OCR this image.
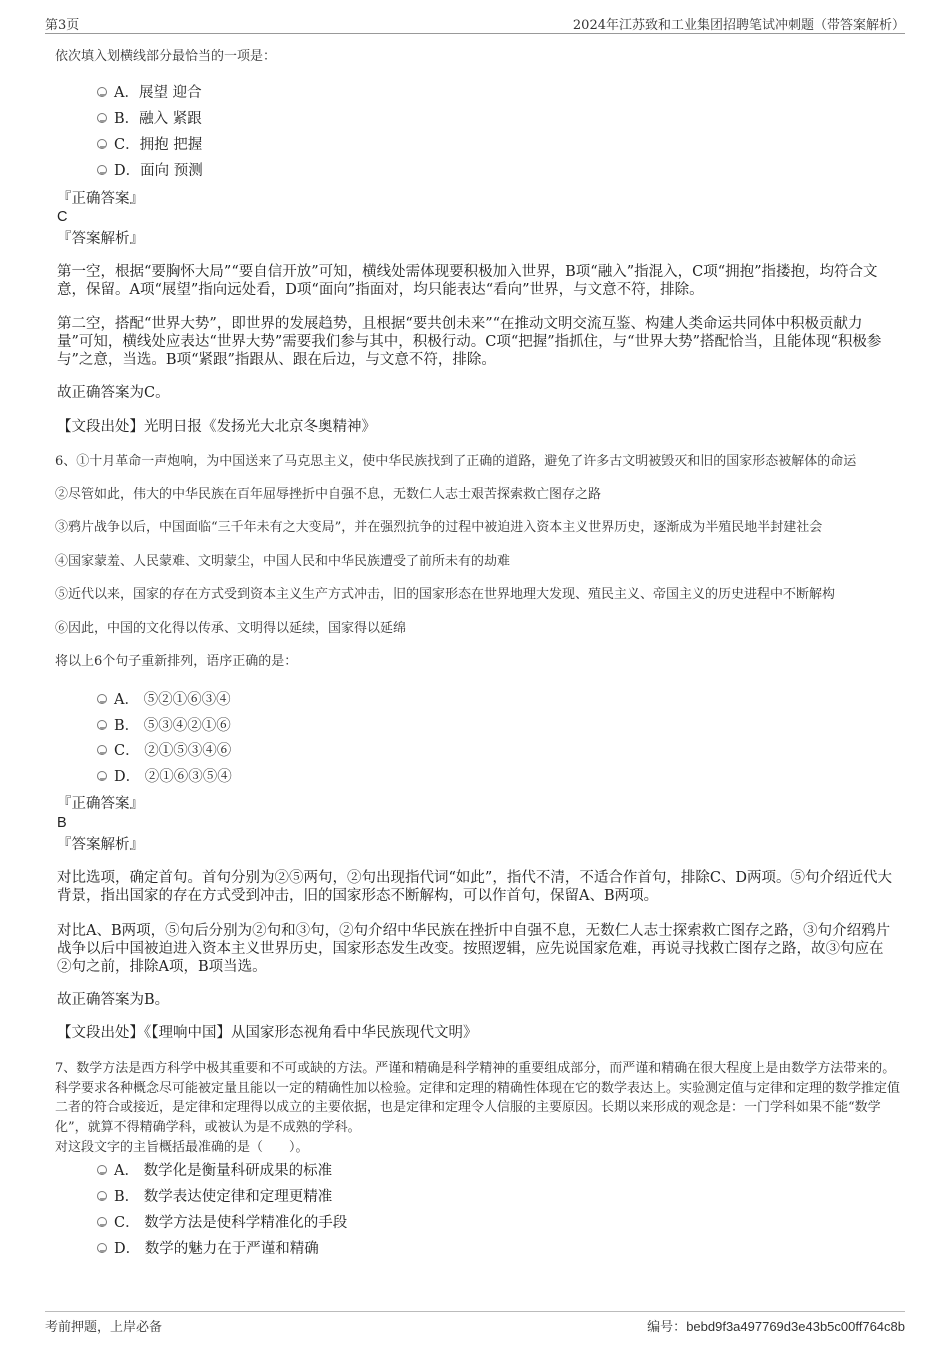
第3页	2024年江苏致和工业集团招聘笔试冲刺题（带答案解析）
依次填入划横线部分最恰当的一项是：
A．展望 迎合
B．融入 紧跟
C．拥抱 把握
D．面向 预测
『正确答案』
C
『答案解析』
第一空，根据“要胸怀大局”“要自信开放”可知，横线处需体现要积极加入世界，B项“融入”指混入，C项“拥抱”指搂抱，均符合文意，保留。A项“展望”指向远处看，D项“面向”指面对，均只能表达“看向”世界，与文意不符，排除。
第二空，搭配“世界大势”，即世界的发展趋势，且根据“要共创未来”“在推动文明交流互鉴、构建人类命运共同体中积极贡献力量”可知，横线处应表达“世界大势”需要我们参与其中，积极行动。C项“把握”指抓住，与“世界大势”搭配恰当，且能体现“积极参与”之意，当选。B项“紧跟”指跟从、跟在后边，与文意不符，排除。
故正确答案为C。
【文段出处】光明日报《发扬光大北京冬奥精神》
6、①十月革命一声炮响，为中国送来了马克思主义，使中华民族找到了正确的道路，避免了许多古文明被毁灭和旧的国家形态被解体的命运
②尽管如此，伟大的中华民族在百年屈辱挫折中自强不息，无数仁人志士艰苦探索救亡图存之路
③鸦片战争以后，中国面临“三千年未有之大变局”，并在强烈抗争的过程中被迫进入资本主义世界历史，逐渐成为半殖民地半封建社会
④国家蒙羞、人民蒙难、文明蒙尘，中国人民和中华民族遭受了前所未有的劫难
⑤近代以来，国家的存在方式受到资本主义生产方式冲击，旧的国家形态在世界地理大发现、殖民主义、帝国主义的历史进程中不断解构
⑥因此，中国的文化得以传承、文明得以延续，国家得以延绵
将以上6个句子重新排列，语序正确的是：
A． ⑤②①⑥③④
B． ⑤③④②①⑥
C． ②①⑤③④⑥
D． ②①⑥③⑤④
『正确答案』
B
『答案解析』
对比选项，确定首句。首句分别为②⑤两句，②句出现指代词“如此”，指代不清，不适合作首句，排除C、D两项。⑤句介绍近代大背景，指出国家的存在方式受到冲击，旧的国家形态不断解构，可以作首句，保留A、B两项。
对比A、B两项，⑤句后分别为②句和③句，②句介绍中华民族在挫折中自强不息，无数仁人志士探索救亡图存之路，③句介绍鸦片战争以后中国被迫进入资本主义世界历史，国家形态发生改变。按照逻辑，应先说国家危难，再说寻找救亡图存之路，故③句应在②句之前，排除A项，B项当选。
故正确答案为B。
【文段出处】《【理响中国】从国家形态视角看中华民族现代文明》
7、数学方法是西方科学中极其重要和不可或缺的方法。严谨和精确是科学精神的重要组成部分，而严谨和精确在很大程度上是由数学方法带来的。科学要求各种概念尽可能被定量且能以一定的精确性加以检验。定律和定理的精确性体现在它的数学表达上。实验测定值与定律和定理的数学推定值二者的符合或接近，是定律和定理得以成立的主要依据，也是定律和定理令人信服的主要原因。长期以来形成的观念是：一门学科如果不能“数学化”，就算不得精确学科，或被认为是不成熟的学科。
对这段文字的主旨概括最准确的是（　　）。
A． 数学化是衡量科研成果的标准
B． 数学表达使定律和定理更精准
C． 数学方法是使科学精准化的手段
D． 数学的魅力在于严谨和精确
考前押题，上岸必备	编号：bebd9f3a497769d3e43b5c00ff764c8b
